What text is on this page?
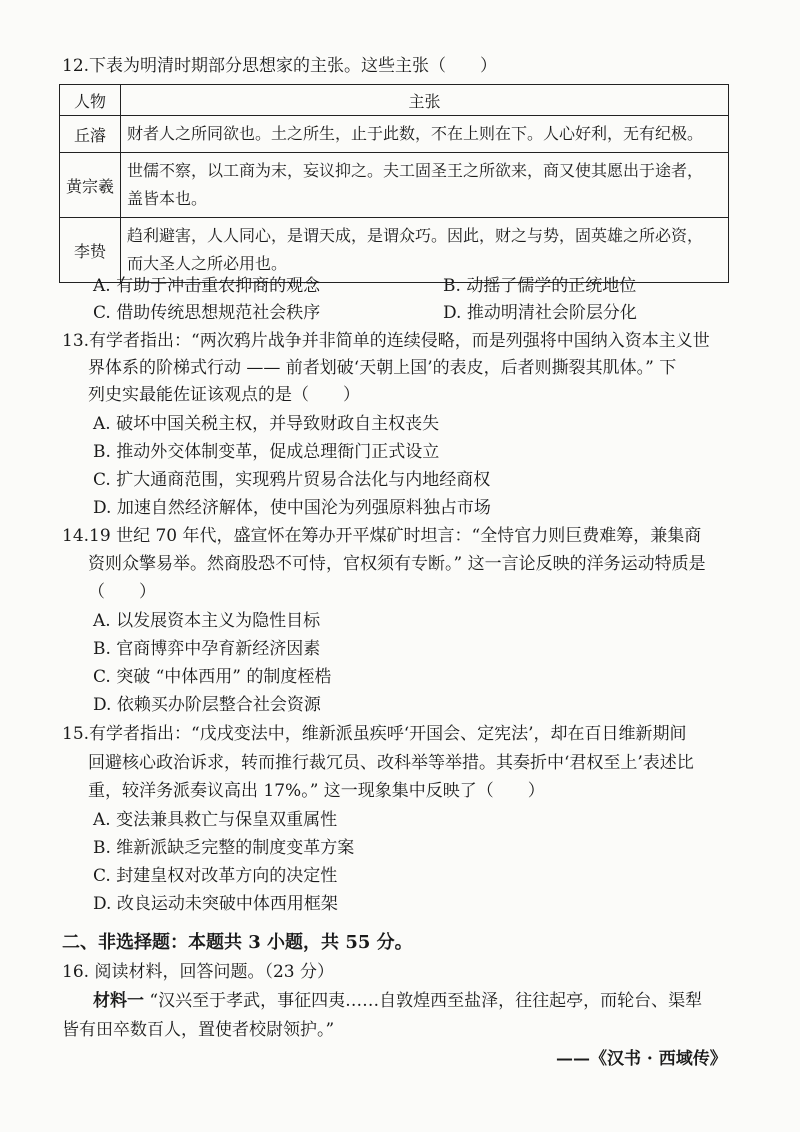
12.下表为明清时期部分思想家的主张。这些主张（　　）
人物	主张
丘濬	财者人之所同欲也。土之所生，止于此数，不在上则在下。人心好利，无有纪极。
黄宗羲	世儒不察，以工商为末，妄议抑之。夫工固圣王之所欲来，商又使其愿出于途者，
盖皆本也。
李贽	趋利避害，人人同心，是谓天成，是谓众巧。因此，财之与势，固英雄之所必资，
而大圣人之所必用也。
A. 有助于冲击重农抑商的观念	B. 动摇了儒学的正统地位
C. 借助传统思想规范社会秩序	D. 推动明清社会阶层分化
13.有学者指出：“两次鸦片战争并非简单的连续侵略，而是列强将中国纳入资本主义世
界体系的阶梯式行动 —— 前者划破‘天朝上国’的表皮，后者则撕裂其肌体。” 下
列史实最能佐证该观点的是（　　）
A. 破坏中国关税主权，并导致财政自主权丧失
B. 推动外交体制变革，促成总理衙门正式设立
C. 扩大通商范围，实现鸦片贸易合法化与内地经商权
D. 加速自然经济解体，使中国沦为列强原料独占市场
14.19 世纪 70 年代，盛宣怀在筹办开平煤矿时坦言：“全恃官力则巨费难筹，兼集商
资则众擎易举。然商股恐不可恃，官权须有专断。” 这一言论反映的洋务运动特质是
（　　）
A. 以发展资本主义为隐性目标
B. 官商博弈中孕育新经济因素
C. 突破 “中体西用” 的制度桎梏
D. 依赖买办阶层整合社会资源
15.有学者指出：“戊戌变法中，维新派虽疾呼‘开国会、定宪法’，却在百日维新期间
回避核心政治诉求，转而推行裁冗员、改科举等举措。其奏折中‘君权至上’表述比
重，较洋务派奏议高出 17%。” 这一现象集中反映了（　　）
A. 变法兼具救亡与保皇双重属性
B. 维新派缺乏完整的制度变革方案
C. 封建皇权对改革方向的决定性
D. 改良运动未突破中体西用框架
二、非选择题：本题共 3 小题，共 55 分。
16. 阅读材料，回答问题。（23 分）
材料一 “汉兴至于孝武，事征四夷……自敦煌西至盐泽，往往起亭，而轮台、渠犁
皆有田卒数百人，置使者校尉领护。”
——《汉书 · 西域传》
